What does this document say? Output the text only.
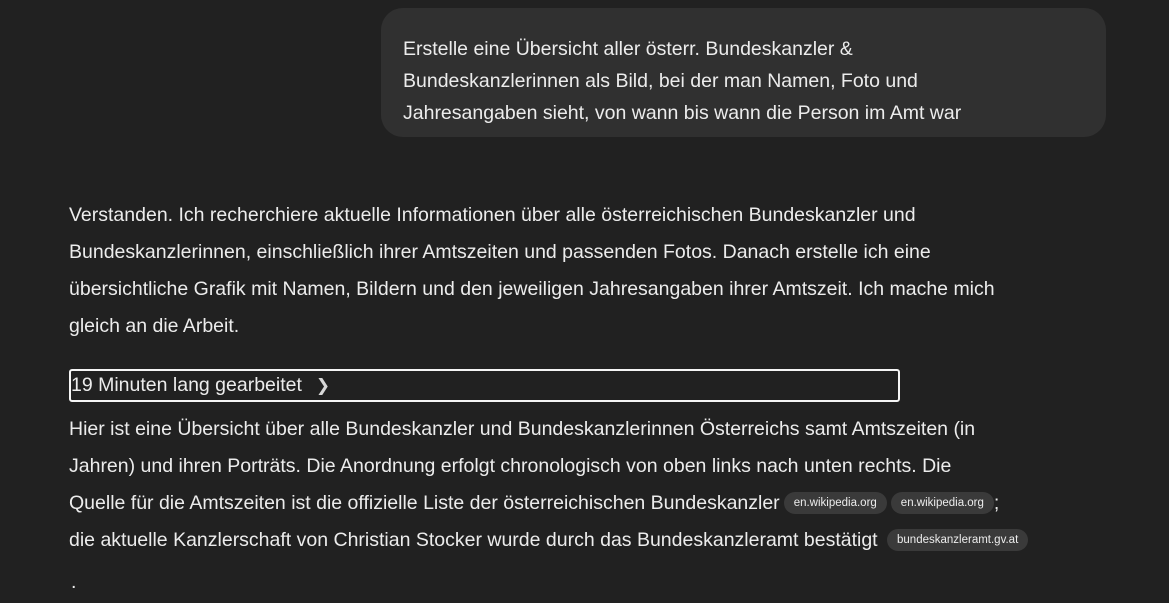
Erstelle eine Übersicht aller österr. Bundeskanzler &
Bundeskanzlerinnen als Bild, bei der man Namen, Foto und
Jahresangaben sieht, von wann bis wann die Person im Amt war
Verstanden. Ich recherchiere aktuelle Informationen über alle österreichischen Bundeskanzler und
Bundeskanzlerinnen, einschließlich ihrer Amtszeiten und passenden Fotos. Danach erstelle ich eine
übersichtliche Grafik mit Namen, Bildern und den jeweiligen Jahresangaben ihrer Amtszeit. Ich mache mich
gleich an die Arbeit.
19 Minuten lang gearbeitet ❯
Hier ist eine Übersicht über alle Bundeskanzler und Bundeskanzlerinnen Österreichs samt Amtszeiten (in
Jahren) und ihren Porträts. Die Anordnung erfolgt chronologisch von oben links nach unten rechts. Die
Quelle für die Amtszeiten ist die offizielle Liste der österreichischen Bundeskanzler en.wikipedia.org en.wikipedia.org ;
die aktuelle Kanzlerschaft von Christian Stocker wurde durch das Bundeskanzleramt bestätigt bundeskanzleramt.gv.at
.
